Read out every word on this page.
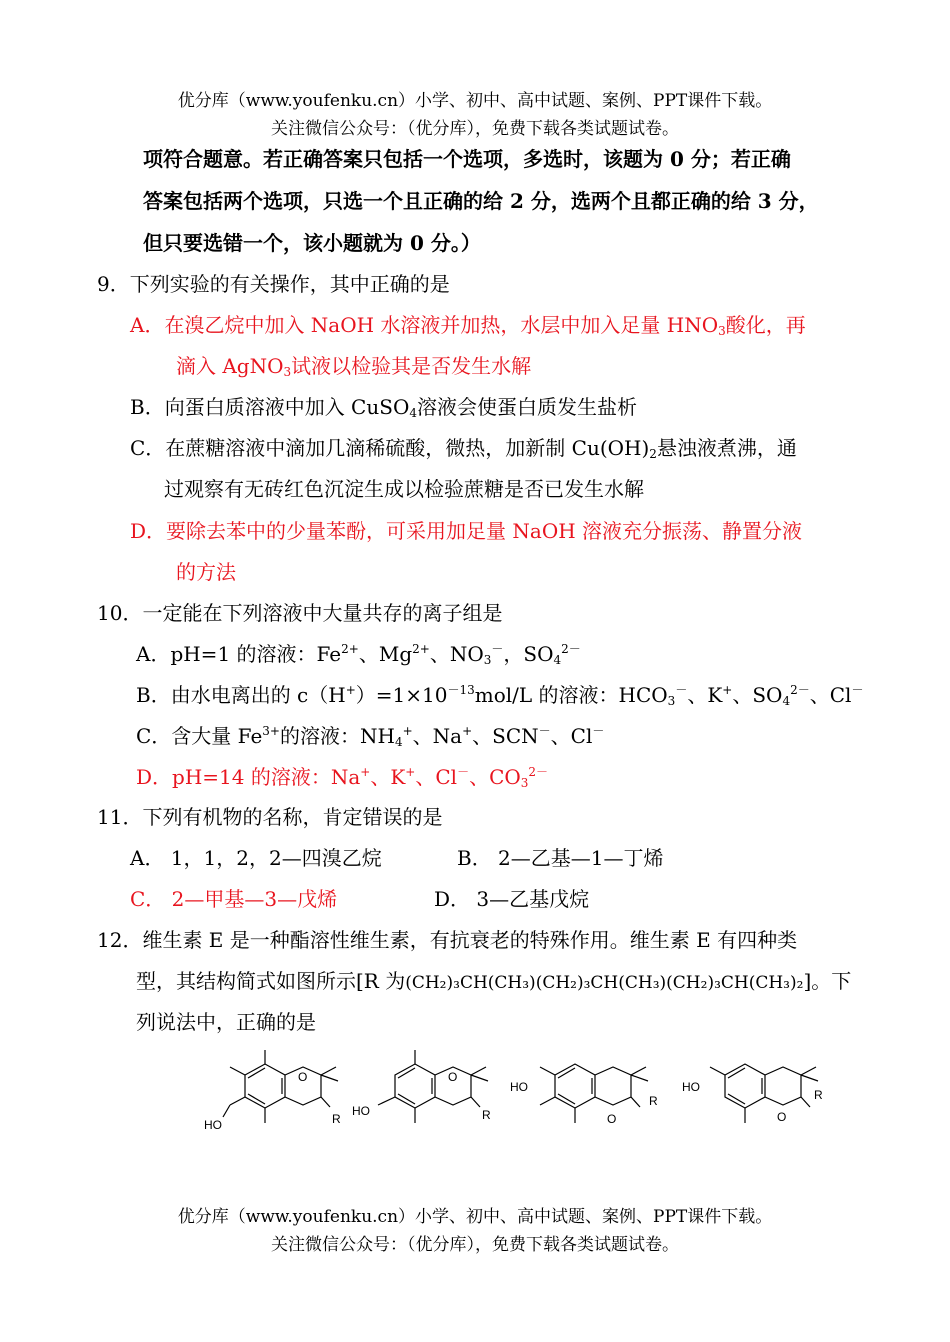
优分库（www.youfenku.cn）小学、初中、高中试题、案例、PPT课件下载。
关注微信公众号：（优分库），免费下载各类试题试卷。
项符合题意。若正确答案只包括一个选项，多选时，该题为 0 分；若正确
答案包括两个选项，只选一个且正确的给 2 分，选两个且都正确的给 3 分，
但只要选错一个，该小题就为 0 分。）
9．下列实验的有关操作，其中正确的是
A．在溴乙烷中加入 NaOH 水溶液并加热，水层中加入足量 $HNO_3$酸化，再
滴入 AgNO$_3$试液以检验其是否发生水解
B．向蛋白质溶液中加入 CuSO$_4$溶液会使蛋白质发生盐析
C．在蔗糖溶液中滴加几滴稀硫酸，微热，加新制 $Cu(OH)_2$悬浊液煮沸，通
过观察有无砖红色沉淀生成以检验蔗糖是否已发生水解
D．要除去苯中的少量苯酚，可采用加足量 NaOH 溶液充分振荡、静置分液
的方法
10．一定能在下列溶液中大量共存的离子组是
A．pH=1 的溶液：$Fe^{2+}$、$Mg^{2+}$、$NO_3^-$，$SO_4^{2-}$
B．由水电离出的 $c(H^+)=1\times 10^{-13}mol/L$ 的溶液：$HCO_3^-$、K+、$SO_4^{2-}$、Cl－
C．含大量 $Fe^{3+}$的溶液：$NH_4^+$、Na+、SCN－、Cl－
D．pH=14 的溶液：Na+、K+、Cl－、$CO_3^{2-}$
11．下列有机物的名称，肯定错误的是
A． 1，1，2，2—四溴乙烷	B． 2—乙基—1—丁烯
C． 2—甲基—3—戊烯	D． 3—乙基戊烷
12．维生素 E 是一种酯溶性维生素，有抗衰老的特殊作用。维生素 E 有四种类
型，其结构简式如图所示[R 为(CH₂)₃CH(CH₃)(CH₂)₃CH(CH₃)(CH₂)₃CH(CH₃)₂]。下
列说法中，正确的是
HO
O
R
HO
O
R
HO
O
R
HO
O
R
优分库（www.youfenku.cn）小学、初中、高中试题、案例、PPT课件下载。
关注微信公众号：（优分库），免费下载各类试题试卷。
